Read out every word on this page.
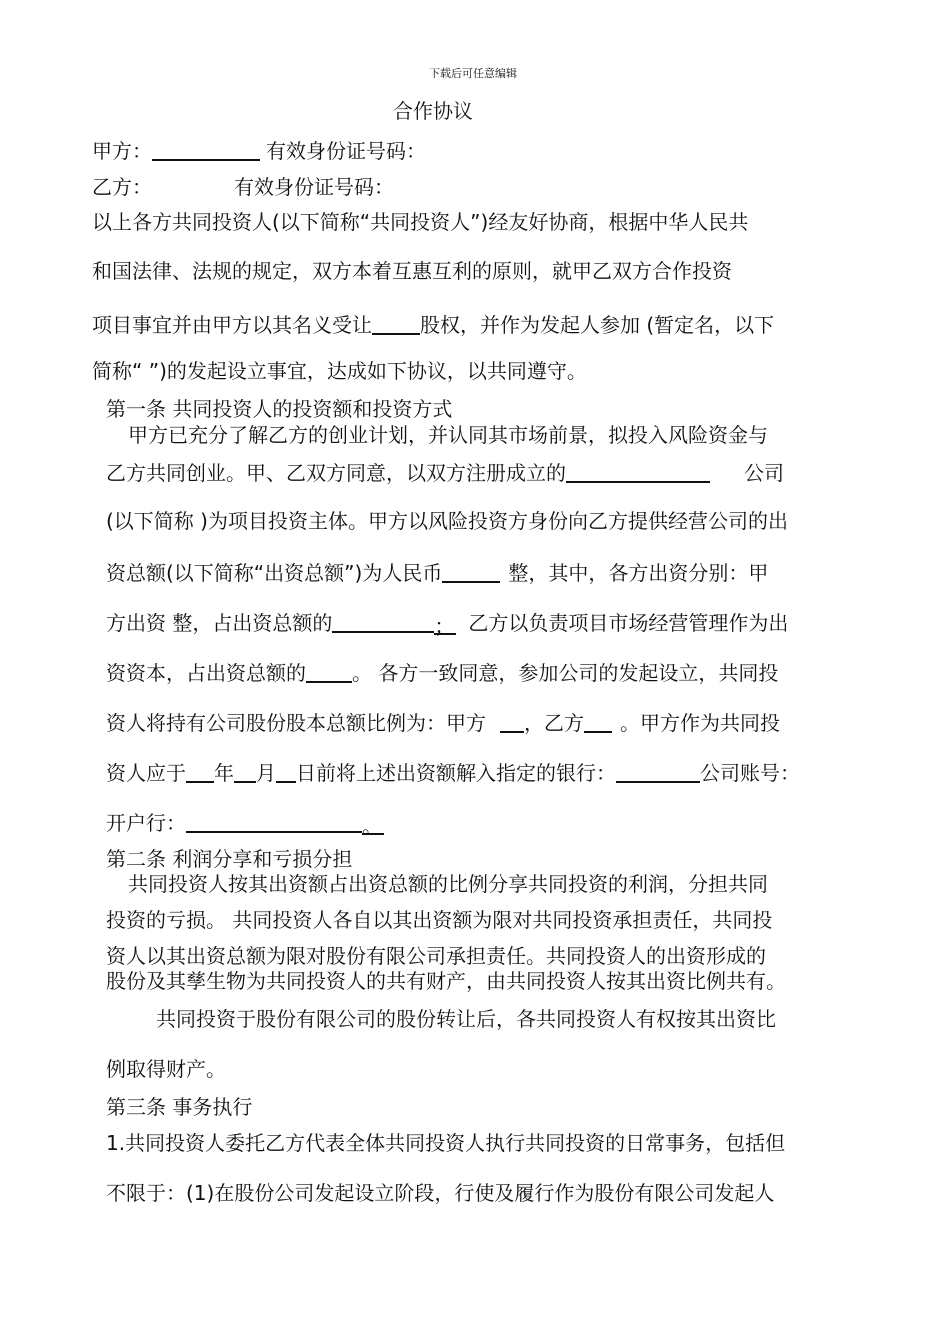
下载后可任意编辑
合作协议
甲方：	有效身份证号码：
乙方：	有效身份证号码：
以上各方共同投资人(以下简称“共同投资人”)经友好协商，根据中华人民共
和国法律、法规的规定，双方本着互惠互利的原则，就甲乙双方合作投资
项目事宜并由甲方以其名义受让 股权，并作为发起人参加 (暂定名，以下
简称“ ”)的发起设立事宜，达成如下协议，以共同遵守。
第一条 共同投资人的投资额和投资方式
甲方已充分了解乙方的创业计划，并认同其市场前景，拟投入风险资金与
乙方共同创业。甲、乙双方同意，以双方注册成立的	公司
(以下简称 )为项目投资主体。甲方以风险投资方身份向乙方提供经营公司的出
资总额(以下简称“出资总额”)为人民币	整，其中，各方出资分别：甲
方出资 整，占出资总额的	； 乙方以负责项目市场经营管理作为出
资资本，占出资总额的 。 各方一致同意，参加公司的发起设立，共同投
资人将持有公司股份股本总额比例为：甲方 ，乙方 。甲方作为共同投
资人应于 年 月 日前将上述出资额解入指定的银行：	公司账号：
开户行：	。
第二条 利润分享和亏损分担
共同投资人按其出资额占出资总额的比例分享共同投资的利润，分担共同
投资的亏损。 共同投资人各自以其出资额为限对共同投资承担责任，共同投
资人以其出资总额为限对股份有限公司承担责任。共同投资人的出资形成的
股份及其孳生物为共同投资人的共有财产，由共同投资人按其出资比例共有。
共同投资于股份有限公司的股份转让后，各共同投资人有权按其出资比
例取得财产。
第三条 事务执行
1.共同投资人委托乙方代表全体共同投资人执行共同投资的日常事务，包括但
不限于：(1)在股份公司发起设立阶段，行使及履行作为股份有限公司发起人
